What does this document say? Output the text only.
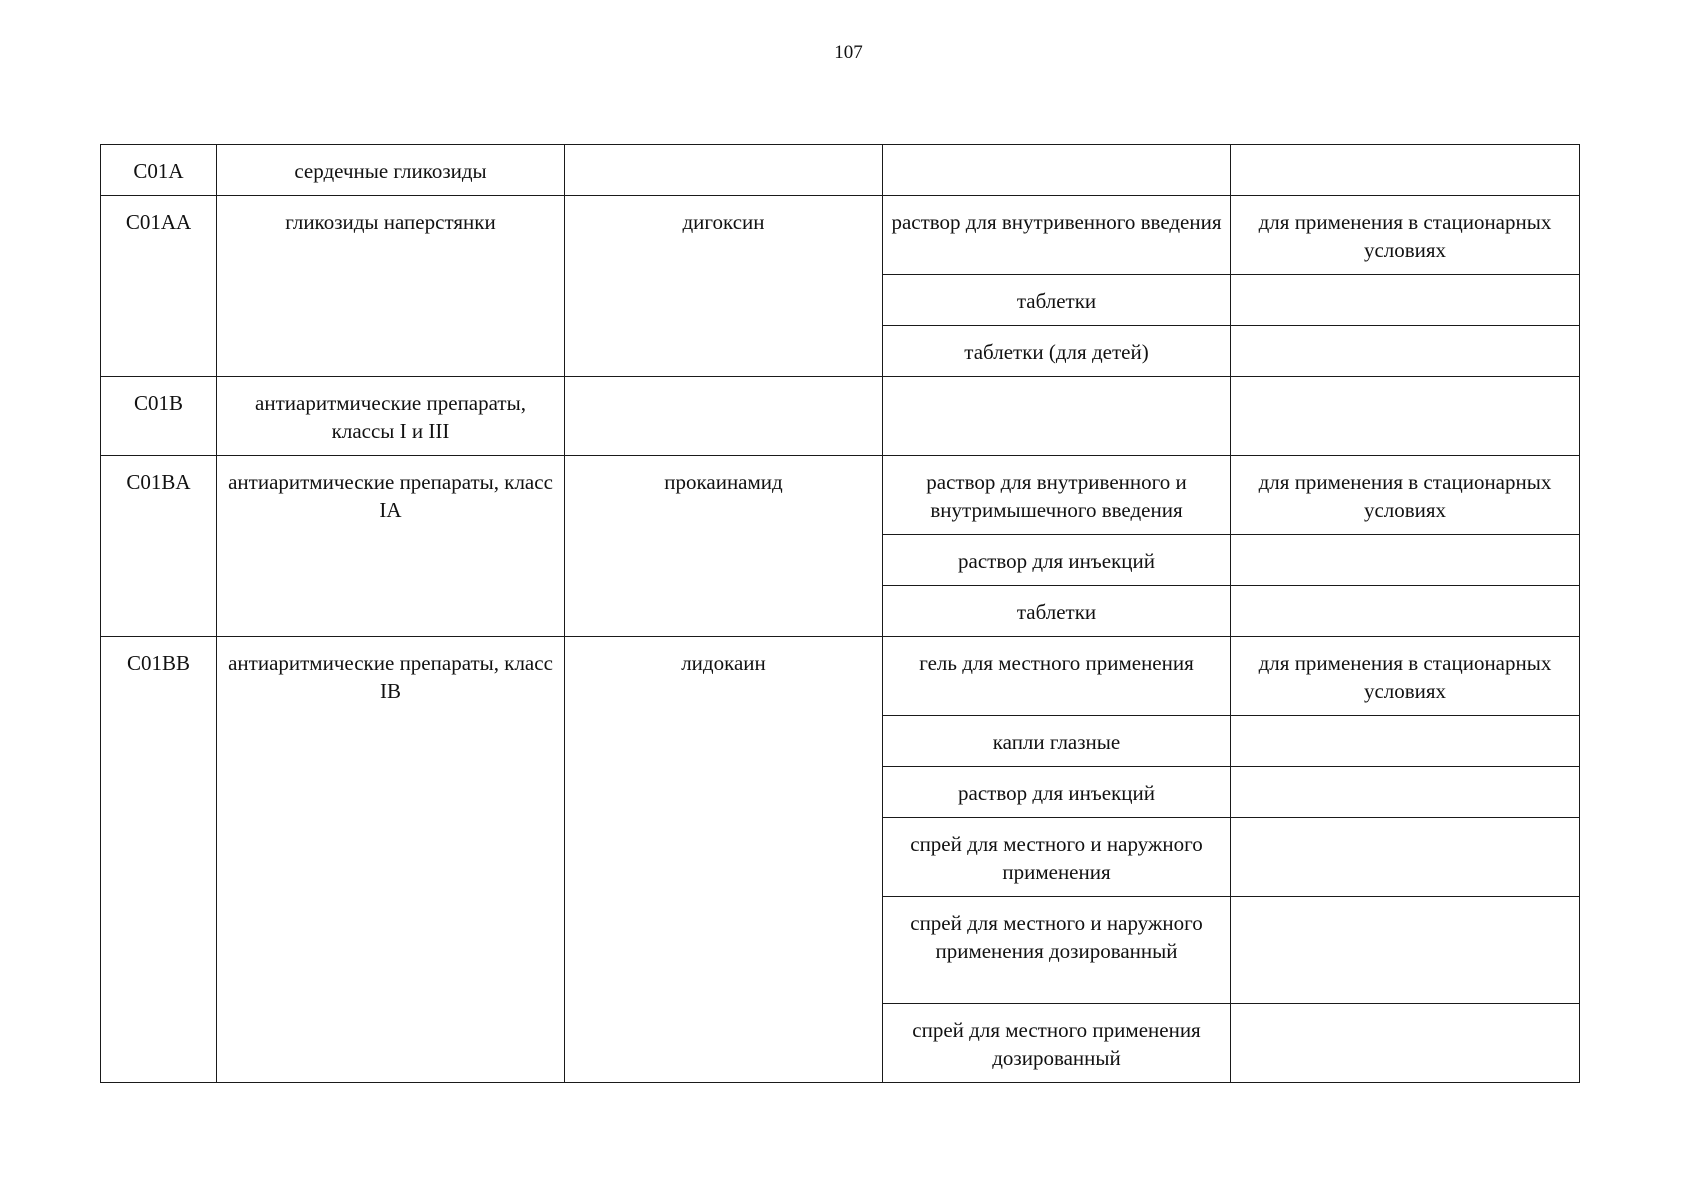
107
C01A	сердечные гликозиды			
C01AA	гликозиды наперстянки	дигоксин	раствор для внутривенного введения	для применения в стационарных условиях
			таблетки	
			таблетки (для детей)	
C01B	антиаритмические препараты, классы I и III			
C01BA	антиаритмические препараты, класс IA	прокаинамид	раствор для внутривенного и внутримышечного введения	для применения в стационарных условиях
			раствор для инъекций	
			таблетки	
C01BB	антиаритмические препараты, класс IB	лидокаин	гель для местного применения	для применения в стационарных условиях
			капли глазные	
			раствор для инъекций	
			спрей для местного и наружного применения	
			спрей для местного и наружного применения дозированный	
			спрей для местного применения дозированный	
